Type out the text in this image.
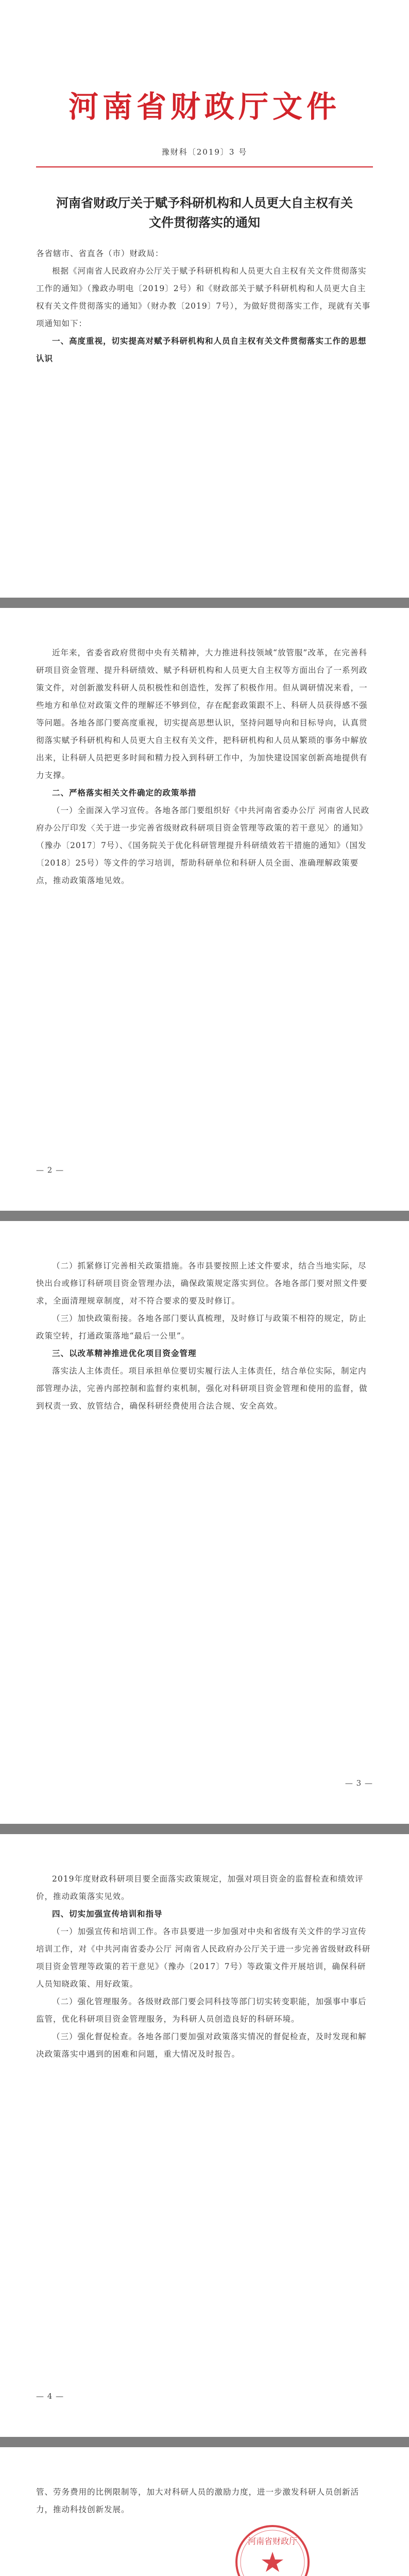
河南省财政厅文件
豫财科〔2019〕3 号
河南省财政厅关于赋予科研机构和人员更大自主权有关文件贯彻落实的通知

各省辖市、省直各（市）财政局：

根据《河南省人民政府办公厅关于赋予科研机构和人员更大自主权有关文件贯彻落实工作的通知》（豫政办明电〔2019〕2号）和《财政部关于赋予科研机构和人员更大自主权有关文件贯彻落实的通知》（财办教〔2019〕7号），为做好贯彻落实工作，现就有关事项通知如下：

一、高度重视，切实提高对赋予科研机构和人员自主权有关文件贯彻落实工作的思想认识

近年来，省委省政府贯彻中央有关精神，大力推进科技领域“放管服”改革，在完善科研项目资金管理、提升科研绩效、赋予科研机构和人员更大自主权等方面出台了一系列政策文件，对创新激发科研人员积极性和创造性，发挥了积极作用。但从调研情况来看，一些地方和单位对政策文件的理解还不够到位，存在配套政策跟不上、科研人员获得感不强等问题。各地各部门要高度重视，切实提高思想认识，坚持问题导向和目标导向，认真贯彻落实赋予科研机构和人员更大自主权有关文件，把科研机构和人员从繁琐的事务中解放出来，让科研人员把更多时间和精力投入到科研工作中，为加快建设国家创新高地提供有力支撑。

二、严格落实相关文件确定的政策举措

（一）全面深入学习宣传。各地各部门要组织好《中共河南省委办公厅 河南省人民政府办公厅印发〈关于进一步完善省级财政科研项目资金管理等政策的若干意见〉的通知》（豫办〔2017〕7号）、《国务院关于优化科研管理提升科研绩效若干措施的通知》（国发〔2018〕25号）等文件的学习培训，帮助科研单位和科研人员全面、准确理解政策要点，推动政策落地见效。

— 2 —

（二）抓紧修订完善相关政策措施。各市县要按照上述文件要求，结合当地实际，尽快出台或修订科研项目资金管理办法，确保政策规定落实到位。各地各部门要对照文件要求，全面清理规章制度，对不符合要求的要及时修订。

（三）加快政策衔接。各地各部门要认真梳理，及时修订与政策不相符的规定，防止政策空转，打通政策落地“最后一公里”。

三、以改革精神推进优化项目资金管理

落实法人主体责任。项目承担单位要切实履行法人主体责任，结合单位实际，制定内部管理办法，完善内部控制和监督约束机制，强化对科研项目资金管理和使用的监督，做到权责一致、放管结合，确保科研经费使用合法合规、安全高效。

— 3 —

2019年度财政科研项目要全面落实政策规定，加强对项目资金的监督检查和绩效评价，推动政策落实见效。

四、切实加强宣传培训和指导

（一）加强宣传和培训工作。各市县要进一步加强对中央和省级有关文件的学习宣传培训工作，对《中共河南省委办公厅 河南省人民政府办公厅关于进一步完善省级财政科研项目资金管理等政策的若干意见》（豫办〔2017〕7号）等政策文件开展培训，确保科研人员知晓政策、用好政策。

（二）强化管理服务。各级财政部门要会同科技等部门切实转变职能，加强事中事后监管，优化科研项目资金管理服务，为科研人员创造良好的科研环境。

（三）强化督促检查。各地各部门要加强对政策落实情况的督促检查，及时发现和解决政策落实中遇到的困难和问题，重大情况及时报告。

— 4 —

管、劳务费用的比例限制等，加大对科研人员的激励力度，进一步激发科研人员创新活力，推动科技创新发展。

河南省财政厅
